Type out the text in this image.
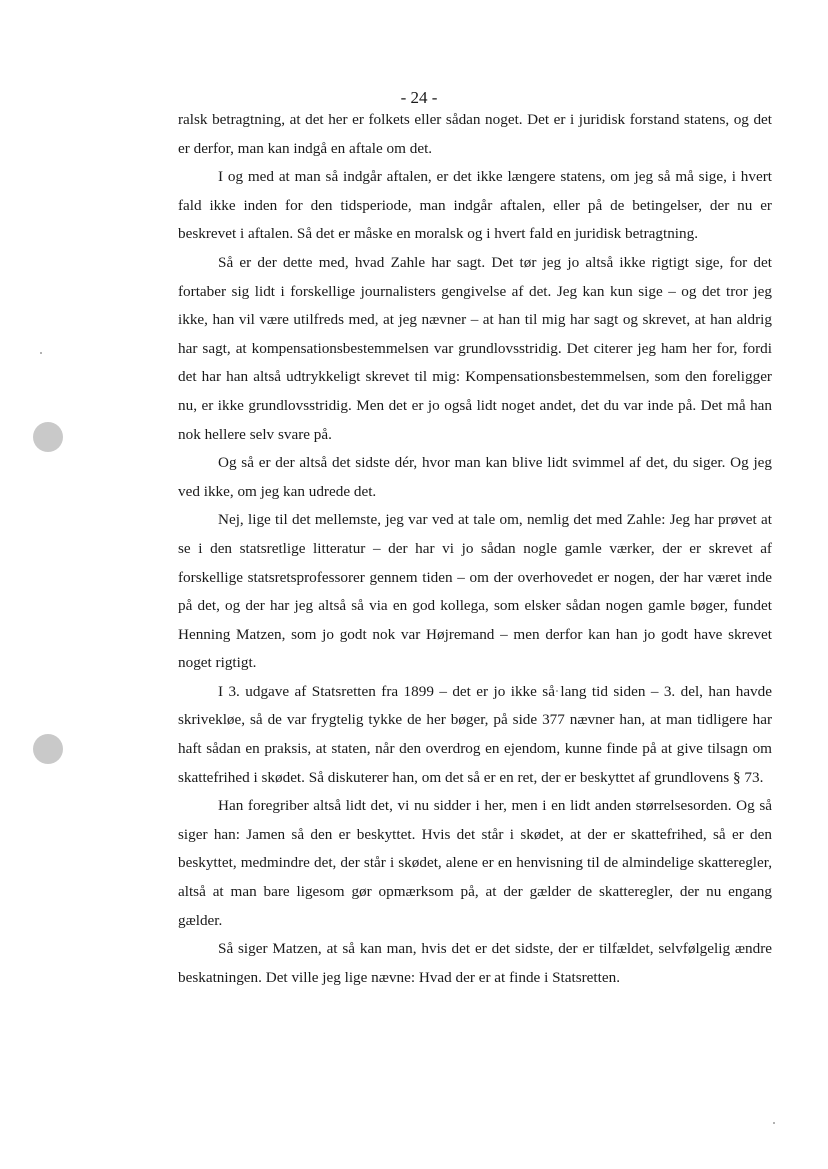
- 24 -

ralsk betragtning, at det her er folkets eller sådan noget. Det er i juridisk forstand statens, og det er derfor, man kan indgå en aftale om det.

I og med at man så indgår aftalen, er det ikke længere statens, om jeg så må sige, i hvert fald ikke inden for den tidsperiode, man indgår aftalen, eller på de betingelser, der nu er beskrevet i aftalen. Så det er måske en moralsk og i hvert fald en juridisk betragtning.

Så er der dette med, hvad Zahle har sagt. Det tør jeg jo altså ikke rigtigt sige, for det fortaber sig lidt i forskellige journalisters gengivelse af det. Jeg kan kun sige – og det tror jeg ikke, han vil være utilfreds med, at jeg nævner – at han til mig har sagt og skrevet, at han aldrig har sagt, at kompensationsbestemmelsen var grundlovsstridig. Det citerer jeg ham her for, fordi det har han altså udtrykkeligt skrevet til mig: Kompensationsbestemmelsen, som den foreligger nu, er ikke grundlovsstridig. Men det er jo også lidt noget andet, det du var inde på. Det må han nok hellere selv svare på.

Og så er der altså det sidste dér, hvor man kan blive lidt svimmel af det, du siger. Og jeg ved ikke, om jeg kan udrede det.

Nej, lige til det mellemste, jeg var ved at tale om, nemlig det med Zahle: Jeg har prøvet at se i den statsretlige litteratur – der har vi jo sådan nogle gamle værker, der er skrevet af forskellige statsretsprofessorer gennem tiden – om der overhovedet er nogen, der har været inde på det, og der har jeg altså så via en god kollega, som elsker sådan nogen gamle bøger, fundet Henning Matzen, som jo godt nok var Højremand – men derfor kan han jo godt have skrevet noget rigtigt.

I 3. udgave af Statsretten fra 1899 – det er jo ikke så lang tid siden – 3. del, han havde skrivekløe, så de var frygtelig tykke de her bøger, på side 377 nævner han, at man tidligere har haft sådan en praksis, at staten, når den overdrog en ejendom, kunne finde på at give tilsagn om skattefrihed i skødet. Så diskuterer han, om det så er en ret, der er beskyttet af grundlovens § 73.

Han foregriber altså lidt det, vi nu sidder i her, men i en lidt anden størrelsesorden. Og så siger han: Jamen så den er beskyttet. Hvis det står i skødet, at der er skattefrihed, så er den beskyttet, medmindre det, der står i skødet, alene er en henvisning til de almindelige skatteregler, altså at man bare ligesom gør opmærksom på, at der gælder de skatteregler, der nu engang gælder.

Så siger Matzen, at så kan man, hvis det er det sidste, der er tilfældet, selvfølgelig ændre beskatningen. Det ville jeg lige nævne: Hvad der er at finde i Statsretten.
